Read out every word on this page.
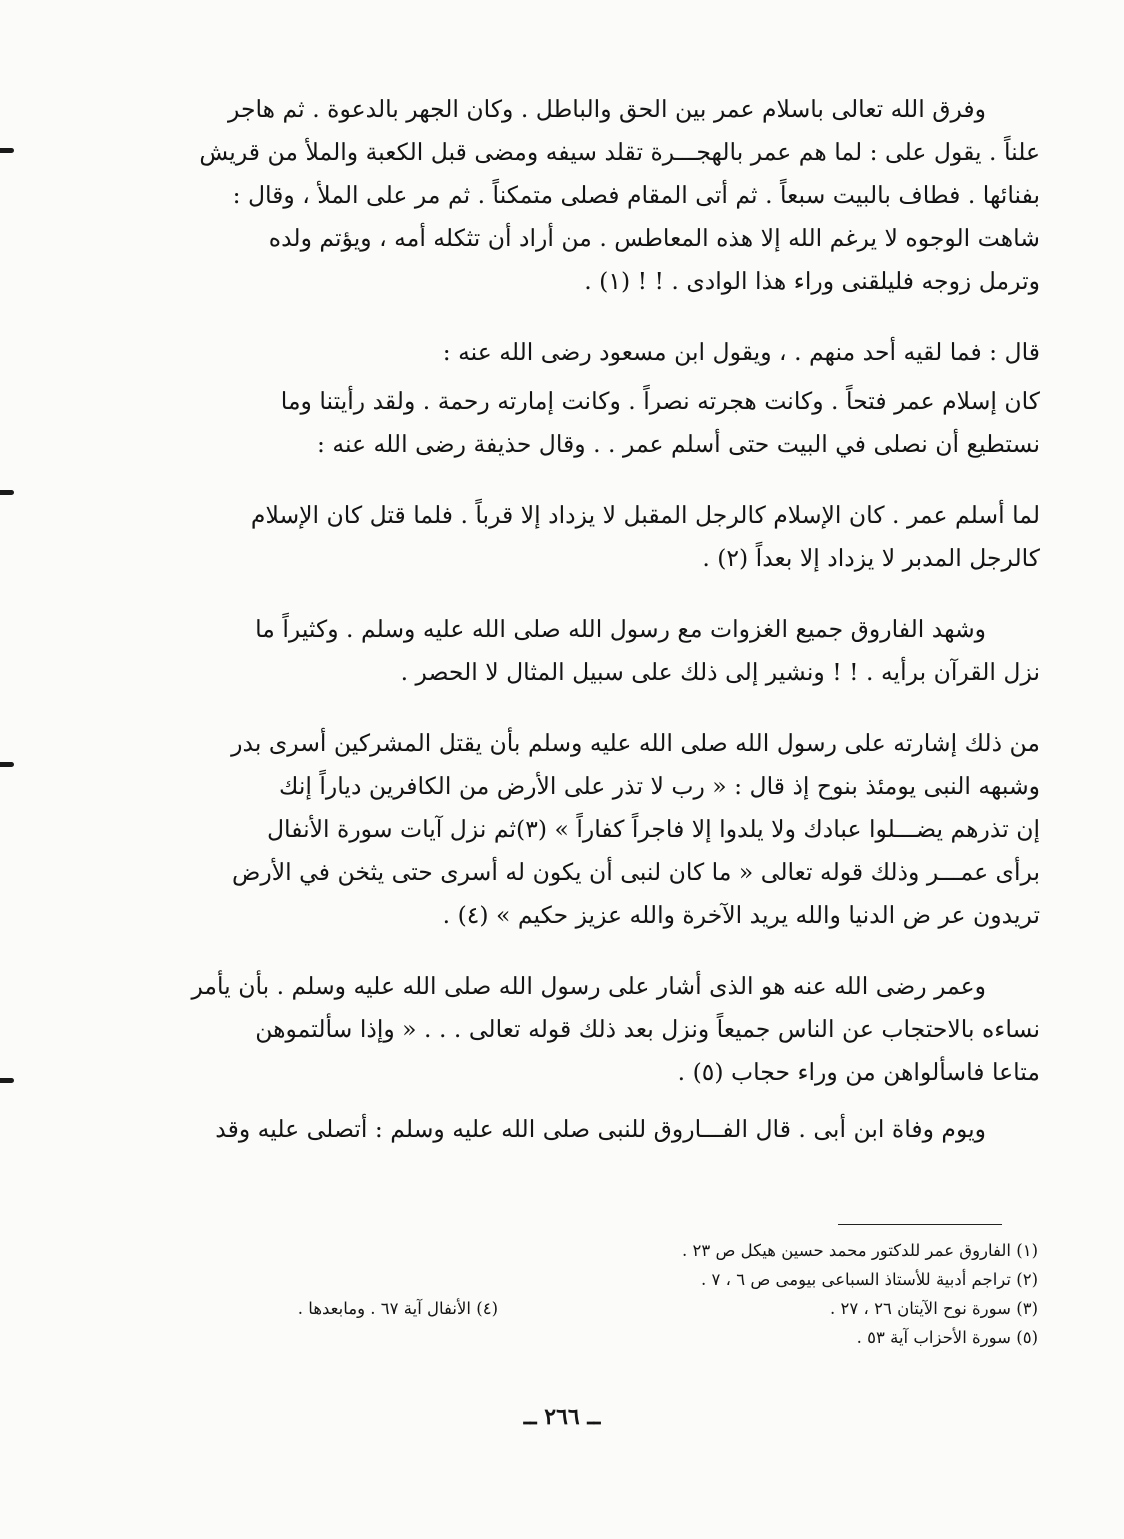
وفرق الله تعالى باسلام عمر بين الحق والباطل . وكان الجهر بالدعوة . ثم هاجر
علناً . يقول على : لما هم عمر بالهجـــرة تقلد سيفه ومضى قبل الكعبة والملأ من قريش
بفنائها . فطاف بالبيت سبعاً . ثم أتى المقام فصلى متمكناً . ثم مر على الملأ ، وقال :
شاهت الوجوه لا يرغم الله إلا هذه المعاطس . من أراد أن تثكله أمه ، ويؤتم ولده
وترمل زوجه فليلقنى وراء هذا الوادى . ! ! (١) .

قال : فما لقيه أحد منهم . ، ويقول ابن مسعود رضى الله عنه :

كان إسلام عمر فتحاً . وكانت هجرته نصراً . وكانت إمارته رحمة . ولقد رأيتنا وما
نستطيع أن نصلى في البيت حتى أسلم عمر . . وقال حذيفة رضى الله عنه :

لما أسلم عمر . كان الإسلام كالرجل المقبل لا يزداد إلا قرباً . فلما قتل كان الإسلام
كالرجل المدبر لا يزداد إلا بعداً (٢) .

وشهد الفاروق جميع الغزوات مع رسول الله صلى الله عليه وسلم . وكثيراً ما
نزل القرآن برأيه . ! ! ونشير إلى ذلك على سبيل المثال لا الحصر .

من ذلك إشارته على رسول الله صلى الله عليه وسلم بأن يقتل المشركين أسرى بدر
وشبهه النبى يومئذ بنوح إذ قال : « رب لا تذر على الأرض من الكافرين دياراً إنك
إن تذرهم يضـــلوا عبادك ولا يلدوا إلا فاجراً كفاراً » (٣)ثم نزل آيات سورة الأنفال
برأى عمـــر وذلك قوله تعالى « ما كان لنبى أن يكون له أسرى حتى يثخن في الأرض
تريدون عر ض الدنيا والله يريد الآخرة والله عزيز حكيم » (٤) .

وعمر رضى الله عنه هو الذى أشار على رسول الله صلى الله عليه وسلم . بأن يأمر
نساءه بالاحتجاب عن الناس جميعاً ونزل بعد ذلك قوله تعالى . . . « وإذا سألتموهن
متاعا فاسألواهن من وراء حجاب (٥) .

ويوم وفاة ابن أبى . قال الفـــاروق للنبى صلى الله عليه وسلم : أتصلى عليه وقد

(١) الفاروق عمر للدكتور محمد حسين هيكل ص ٢٣ .
(٢) تراجم أدبية للأستاذ السباعى بيومى ص ٦ ، ٧ .
(٣) سورة نوح الآيتان ٢٦ ، ٢٧ .
(٤) الأنفال آية ٦٧ . ومابعدها .
(٥) سورة الأحزاب آية ٥٣ .
ــ ٢٦٦ ــ
